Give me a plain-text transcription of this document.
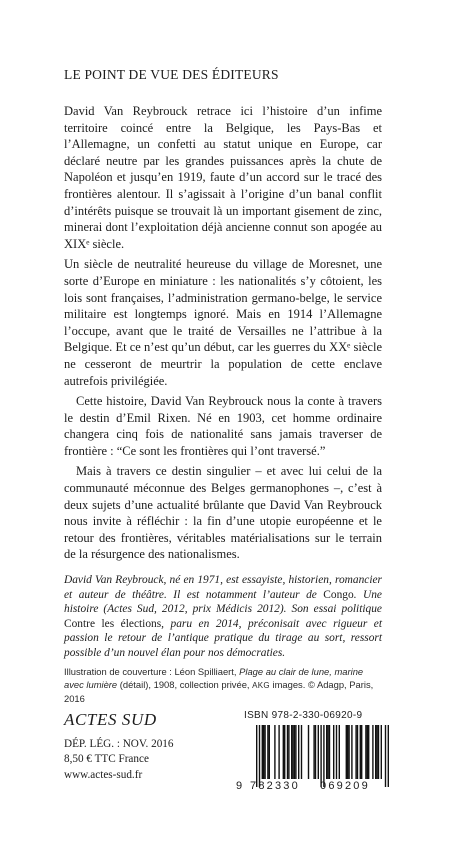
LE POINT DE VUE DES ÉDITEURS

David Van Reybrouck retrace ici l’histoire d’un infime territoire coincé entre la Belgique, les Pays-Bas et l’Allemagne, un confetti au statut unique en Europe, car déclaré neutre par les grandes puissances après la chute de Napoléon et jusqu’en 1919, faute d’un accord sur le tracé des frontières alentour. Il s’agissait à l’origine d’un banal conflit d’intérêts puisque se trouvait là un important gisement de zinc, minerai dont l’exploitation déjà ancienne connut son apogée au XIXᵉ siècle.

Un siècle de neutralité heureuse du village de Moresnet, une sorte d’Europe en miniature : les nationalités s’y côtoient, les lois sont françaises, l’administration germano-belge, le service militaire est longtemps ignoré. Mais en 1914 l’Allemagne l’occupe, avant que le traité de Versailles ne l’attribue à la Belgique. Et ce n’est qu’un début, car les guerres du XXᵉ siècle ne cesseront de meurtrir la population de cette enclave autrefois privilégiée.

Cette histoire, David Van Reybrouck nous la conte à travers le destin d’Emil Rixen. Né en 1903, cet homme ordinaire changera cinq fois de nationalité sans jamais traverser de frontière : “Ce sont les frontières qui l’ont traversé.”

Mais à travers ce destin singulier – et avec lui celui de la communauté méconnue des Belges germanophones –, c’est à deux sujets d’une actualité brûlante que David Van Reybrouck nous invite à réfléchir : la fin d’une utopie européenne et le retour des frontières, véritables matérialisations sur le terrain de la résurgence des nationalismes.

David Van Reybrouck, né en 1971, est essayiste, historien, romancier et auteur de théâtre. Il est notamment l’auteur de Congo. Une histoire (Actes Sud, 2012, prix Médicis 2012). Son essai politique Contre les élections, paru en 2014, préconisait avec rigueur et passion le retour de l’antique pratique du tirage au sort, ressort possible d’un nouvel élan pour nos démocraties.
Illustration de couverture : Léon Spilliaert, Plage au clair de lune, marine avec lumière (détail), 1908, collection privée, AKG images. © Adagp, Paris, 2016
ACTES SUD
DÉP. LÉG. : NOV. 2016
8,50 € TTC France
www.actes-sud.fr
ISBN 978-2-330-06920-9
9 782330 069209
